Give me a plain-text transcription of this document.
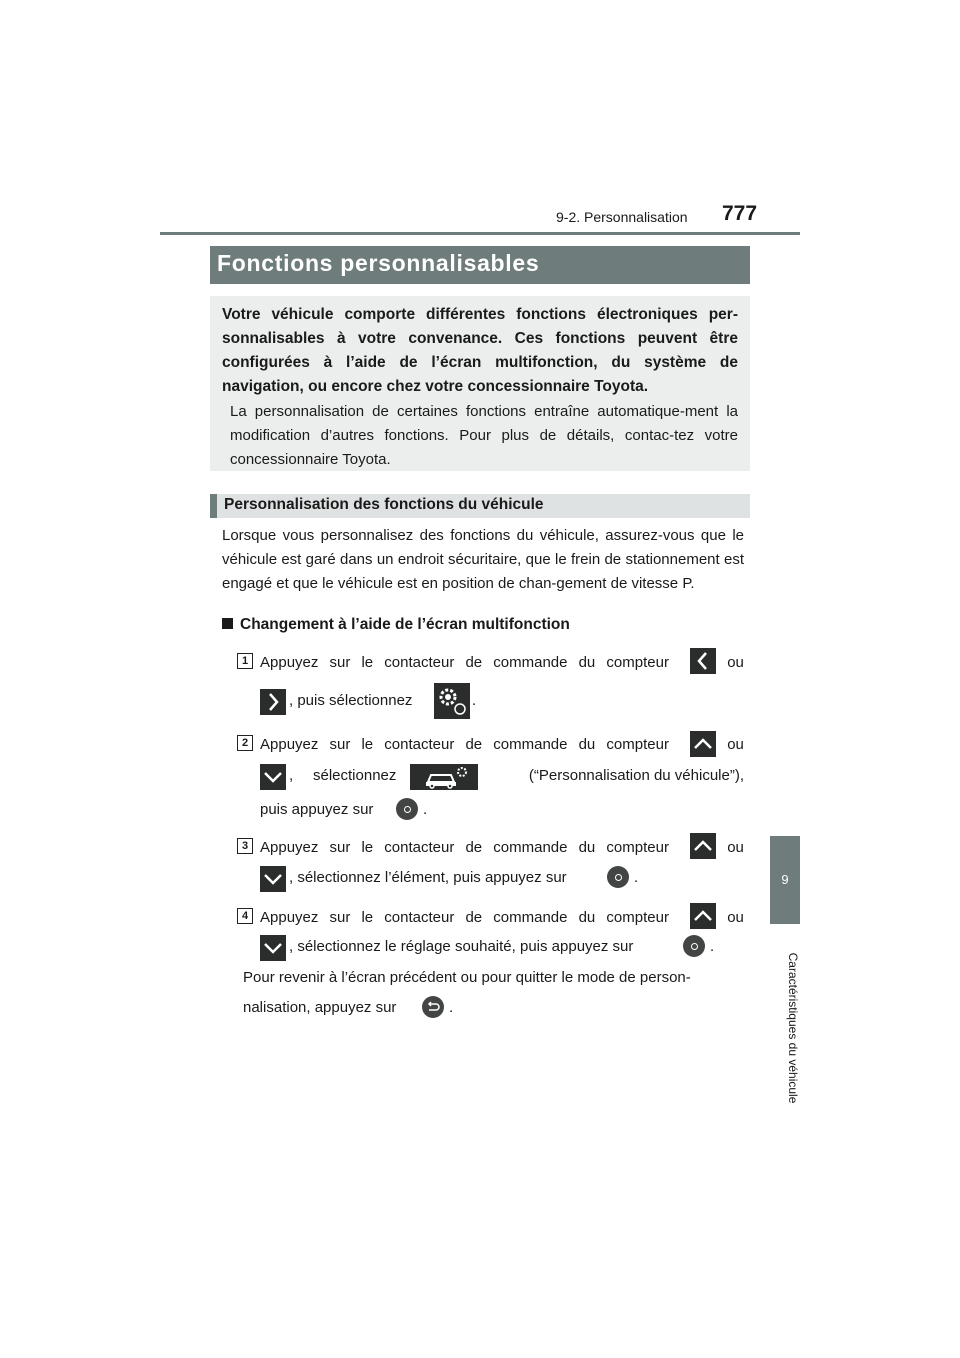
9-2. Personnalisation 777
9
Caractéristiques du véhicule
Fonctions personnalisables
Votre véhicule comporte différentes fonctions électroniques per-sonnalisables à votre convenance. Ces fonctions peuvent être configurées à l’aide de l’écran multifonction, du système de navigation, ou encore chez votre concessionnaire Toyota.
La personnalisation de certaines fonctions entraîne automatique-ment la modification d’autres fonctions. Pour plus de détails, contac-tez votre concessionnaire Toyota.
Personnalisation des fonctions du véhicule
Lorsque vous personnalisez des fonctions du véhicule, assurez-vous que le véhicule est garé dans un endroit sécuritaire, que le frein de stationnement est engagé et que le véhicule est en position de chan-gement de vitesse P.
Changement à l’aide de l’écran multifonction
1 Appuyez sur le contacteur de commande du compteur	ou
, puis sélectionnez	.
2 Appuyez sur le contacteur de commande du compteur	ou
, sélectionnez	(“Personnalisation du véhicule”),
puis appuyez sur	.
3 Appuyez sur le contacteur de commande du compteur	ou
, sélectionnez l’élément, puis appuyez sur	.
4 Appuyez sur le contacteur de commande du compteur	ou
, sélectionnez le réglage souhaité, puis appuyez sur	.
Pour revenir à l’écran précédent ou pour quitter le mode de person-
nalisation, appuyez sur	.
